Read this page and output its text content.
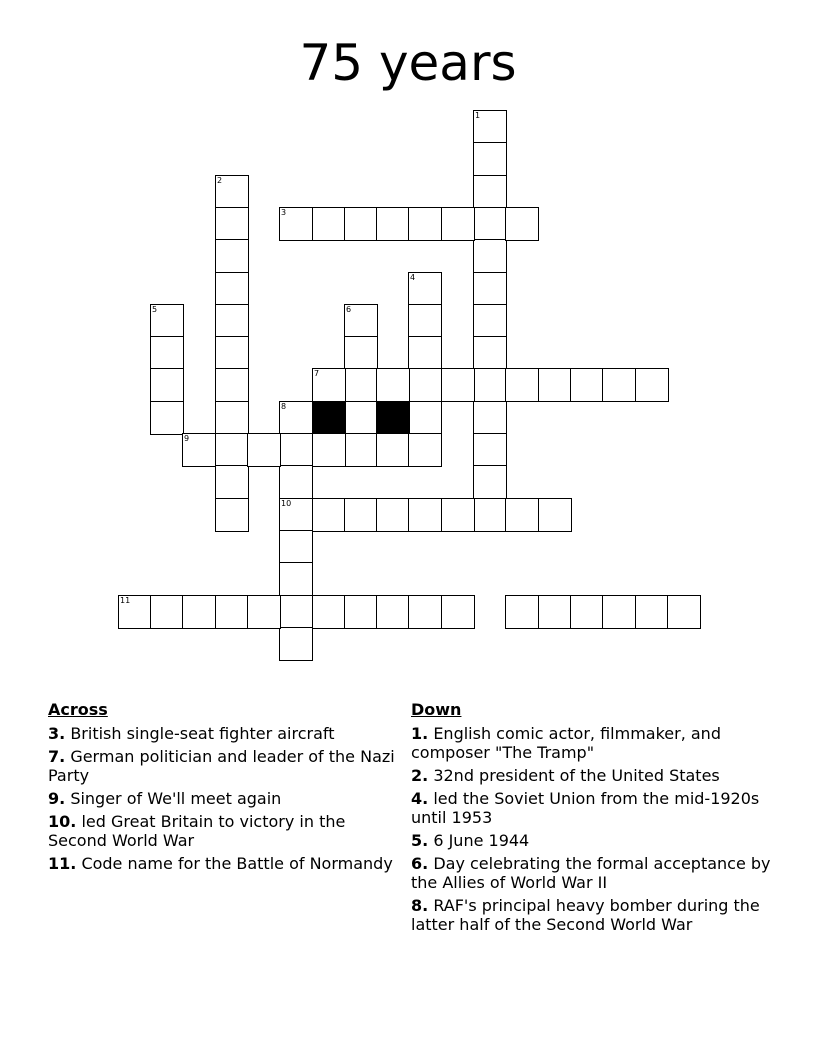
75 years
1
2
3
4
5	6
7
8
10
9
11
Across
3. British single-seat fighter aircraft
7. German politician and leader of the Nazi Party
9. Singer of We'll meet again
10. led Great Britain to victory in the Second World War
11. Code name for the Battle of Normandy
Down
1. English comic actor, filmmaker, and composer "The Tramp"
2. 32nd president of the United States
4. led the Soviet Union from the mid-1920s until 1953
5. 6 June 1944
6. Day celebrating the formal acceptance by the Allies of World War II
8. RAF's principal heavy bomber during the latter half of the Second World War
